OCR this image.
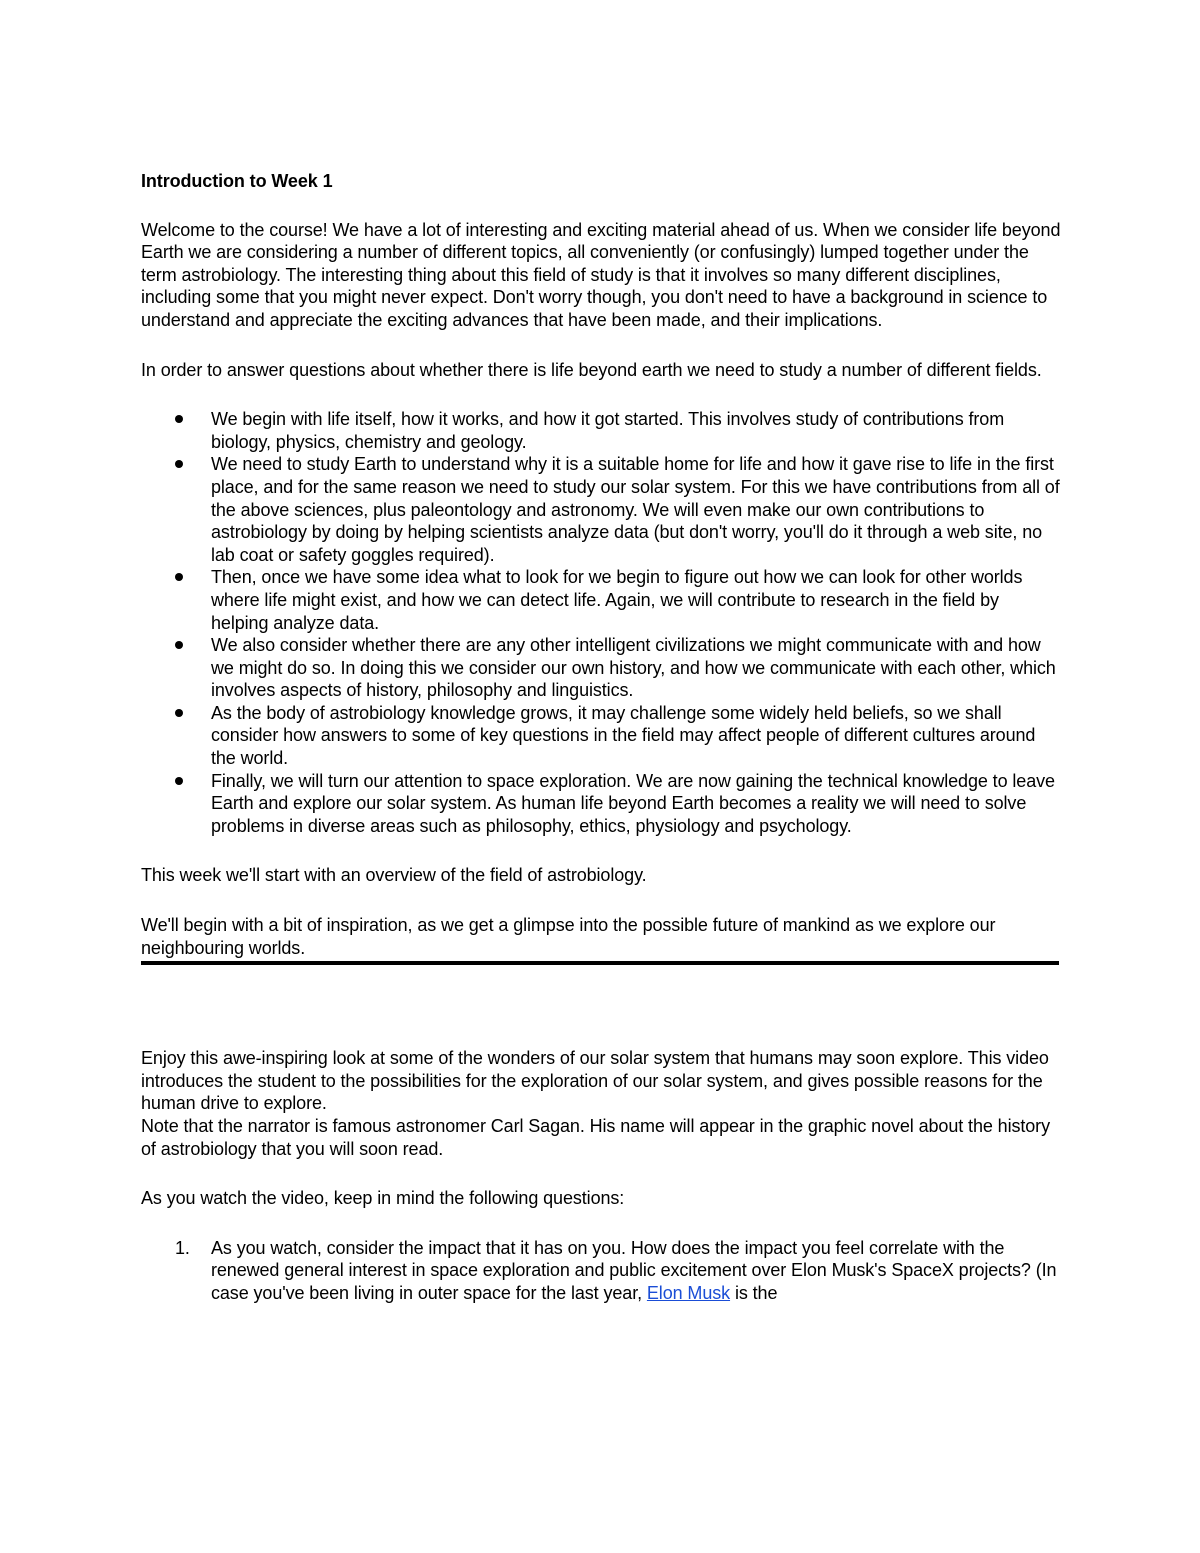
Introduction to Week 1

Welcome to the course! We have a lot of interesting and exciting material ahead of us. When we consider life beyond Earth we are considering a number of different topics, all conveniently (or confusingly) lumped together under the term astrobiology. The interesting thing about this field of study is that it involves so many different disciplines, including some that you might never expect. Don't worry though, you don't need to have a background in science to understand and appreciate the exciting advances that have been made, and their implications.

In order to answer questions about whether there is life beyond earth we need to study a number of different fields.

We begin with life itself, how it works, and how it got started. This involves study of contributions from biology, physics, chemistry and geology.
We need to study Earth to understand why it is a suitable home for life and how it gave rise to life in the first place, and for the same reason we need to study our solar system. For this we have contributions from all of the above sciences, plus paleontology and astronomy. We will even make our own contributions to astrobiology by doing by helping scientists analyze data (but don't worry, you'll do it through a web site, no lab coat or safety goggles required).
Then, once we have some idea what to look for we begin to figure out how we can look for other worlds where life might exist, and how we can detect life. Again, we will contribute to research in the field by helping analyze data.
We also consider whether there are any other intelligent civilizations we might communicate with and how we might do so. In doing this we consider our own history, and how we communicate with each other, which involves aspects of history, philosophy and linguistics.
As the body of astrobiology knowledge grows, it may challenge some widely held beliefs, so we shall consider how answers to some of key questions in the field may affect people of different cultures around the world.
Finally, we will turn our attention to space exploration. We are now gaining the technical knowledge to leave Earth and explore our solar system. As human life beyond Earth becomes a reality we will need to solve problems in diverse areas such as philosophy, ethics, physiology and psychology.

This week we'll start with an overview of the field of astrobiology.

We'll begin with a bit of inspiration, as we get a glimpse into the possible future of mankind as we explore our neighbouring worlds.

Enjoy this awe-inspiring look at some of the wonders of our solar system that humans may soon explore. This video introduces the student to the possibilities for the exploration of our solar system, and gives possible reasons for the human drive to explore.

Note that the narrator is famous astronomer Carl Sagan. His name will appear in the graphic novel about the history of astrobiology that you will soon read.

As you watch the video, keep in mind the following questions:

1. As you watch, consider the impact that it has on you. How does the impact you feel correlate with the renewed general interest in space exploration and public excitement over Elon Musk's SpaceX projects? (In case you've been living in outer space for the last year, Elon Musk is the
